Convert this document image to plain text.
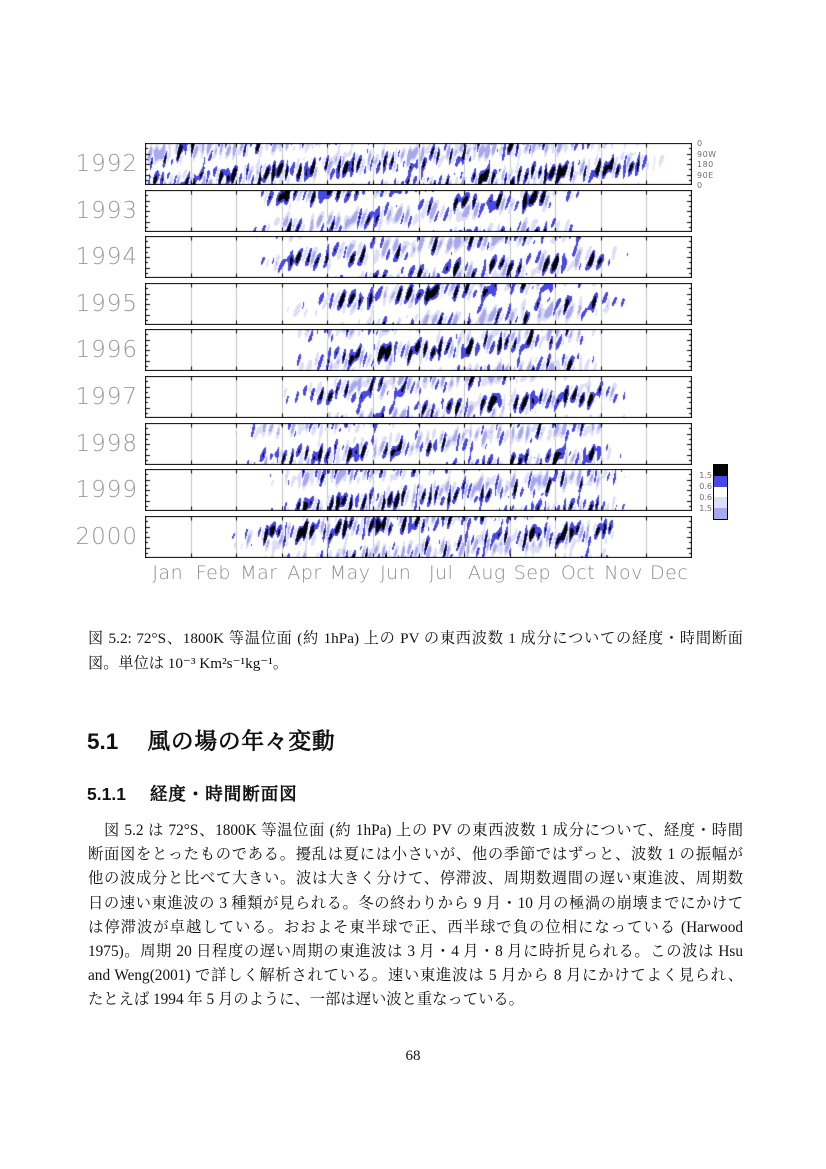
1992
1993
1994
1995
1996
1997
1998
1999
2000
0
90W
180
90E
0
Jan Feb Mar Apr May Jun Jul Aug Sep Oct Nov Dec
1.5
0.6
0.6
1.5
図 5.2: 72°S、1800K 等温位面 (約 1hPa) 上の PV の東西波数 1 成分についての経度・時間断面
図。単位は 10⁻³ Km²s⁻¹kg⁻¹。
5.1 風の場の年々変動
5.1.1 経度・時間断面図
　図 5.2 は 72°S、1800K 等温位面 (約 1hPa) 上の PV の東西波数 1 成分について、経度・時間
断面図をとったものである。擾乱は夏には小さいが、他の季節ではずっと、波数 1 の振幅が
他の波成分と比べて大きい。波は大きく分けて、停滞波、周期数週間の遅い東進波、周期数
日の速い東進波の 3 種類が見られる。冬の終わりから 9 月・10 月の極渦の崩壊までにかけて
は停滞波が卓越している。おおよそ東半球で正、西半球で負の位相になっている (Harwood
1975)。周期 20 日程度の遅い周期の東進波は 3 月・4 月・8 月に時折見られる。この波は Hsu
and Weng(2001) で詳しく解析されている。速い東進波は 5 月から 8 月にかけてよく見られ、
たとえば 1994 年 5 月のように、一部は遅い波と重なっている。
68
